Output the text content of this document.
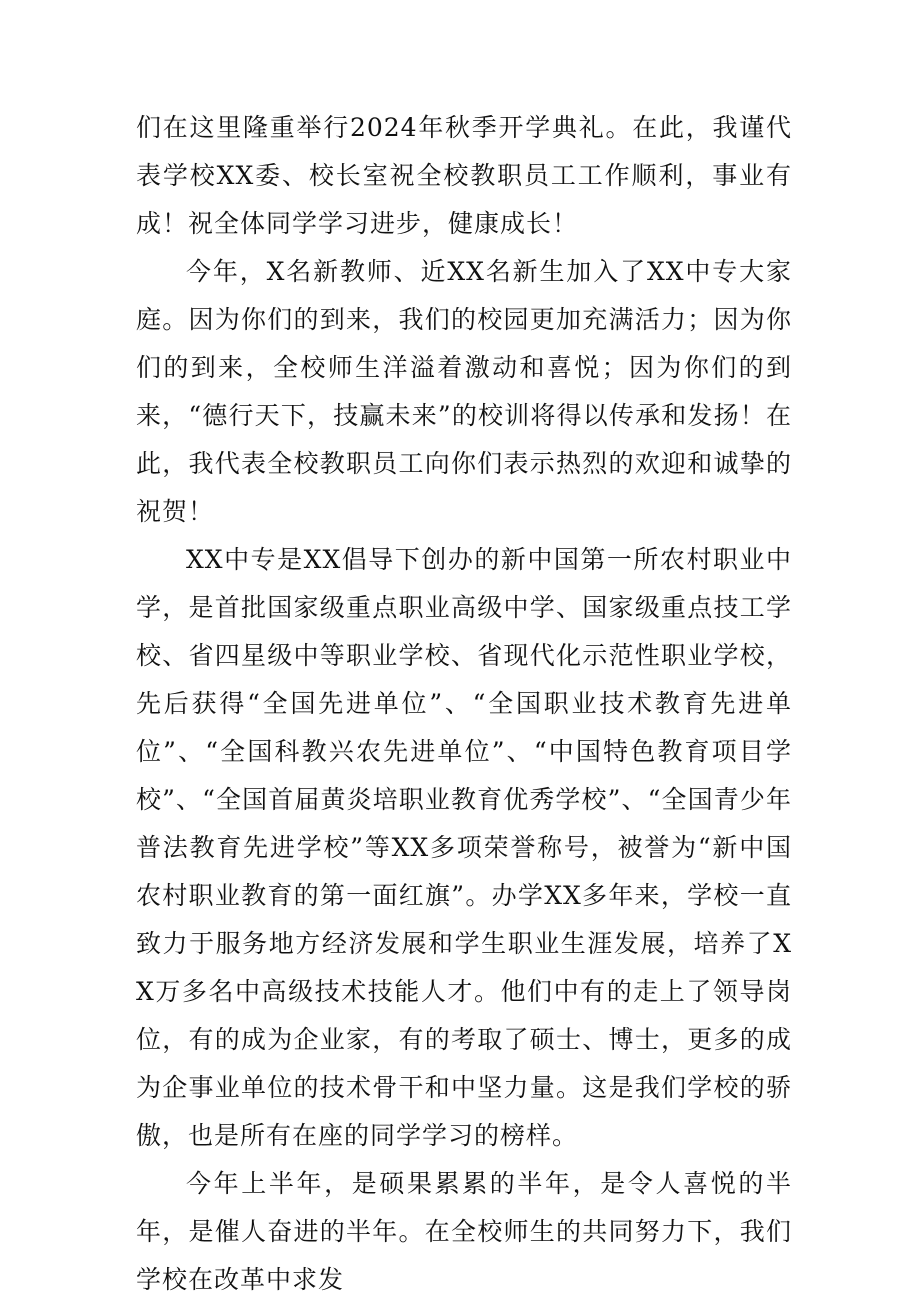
们在这里隆重举行2024年秋季开学典礼。在此，我谨代表学校XX委、校长室祝全校教职员工工作顺利，事业有成！祝全体同学学习进步，健康成长！

今年，X名新教师、近XX名新生加入了XX中专大家庭。因为你们的到来，我们的校园更加充满活力；因为你们的到来，全校师生洋溢着激动和喜悦；因为你们的到来，“德行天下，技赢未来”的校训将得以传承和发扬！在此，我代表全校教职员工向你们表示热烈的欢迎和诚挚的祝贺！

XX中专是XX倡导下创办的新中国第一所农村职业中学，是首批国家级重点职业高级中学、国家级重点技工学校、省四星级中等职业学校、省现代化示范性职业学校，先后获得“全国先进单位”、“全国职业技术教育先进单位”、“全国科教兴农先进单位”、“中国特色教育项目学校”、“全国首届黄炎培职业教育优秀学校”、“全国青少年普法教育先进学校”等XX多项荣誉称号，被誉为“新中国农村职业教育的第一面红旗”。办学XX多年来，学校一直致力于服务地方经济发展和学生职业生涯发展，培养了XX万多名中高级技术技能人才。他们中有的走上了领导岗位，有的成为企业家，有的考取了硕士、博士，更多的成为企事业单位的技术骨干和中坚力量。这是我们学校的骄傲，也是所有在座的同学学习的榜样。

今年上半年，是硕果累累的半年，是令人喜悦的半年，是催人奋进的半年。在全校师生的共同努力下，我们学校在改革中求发
